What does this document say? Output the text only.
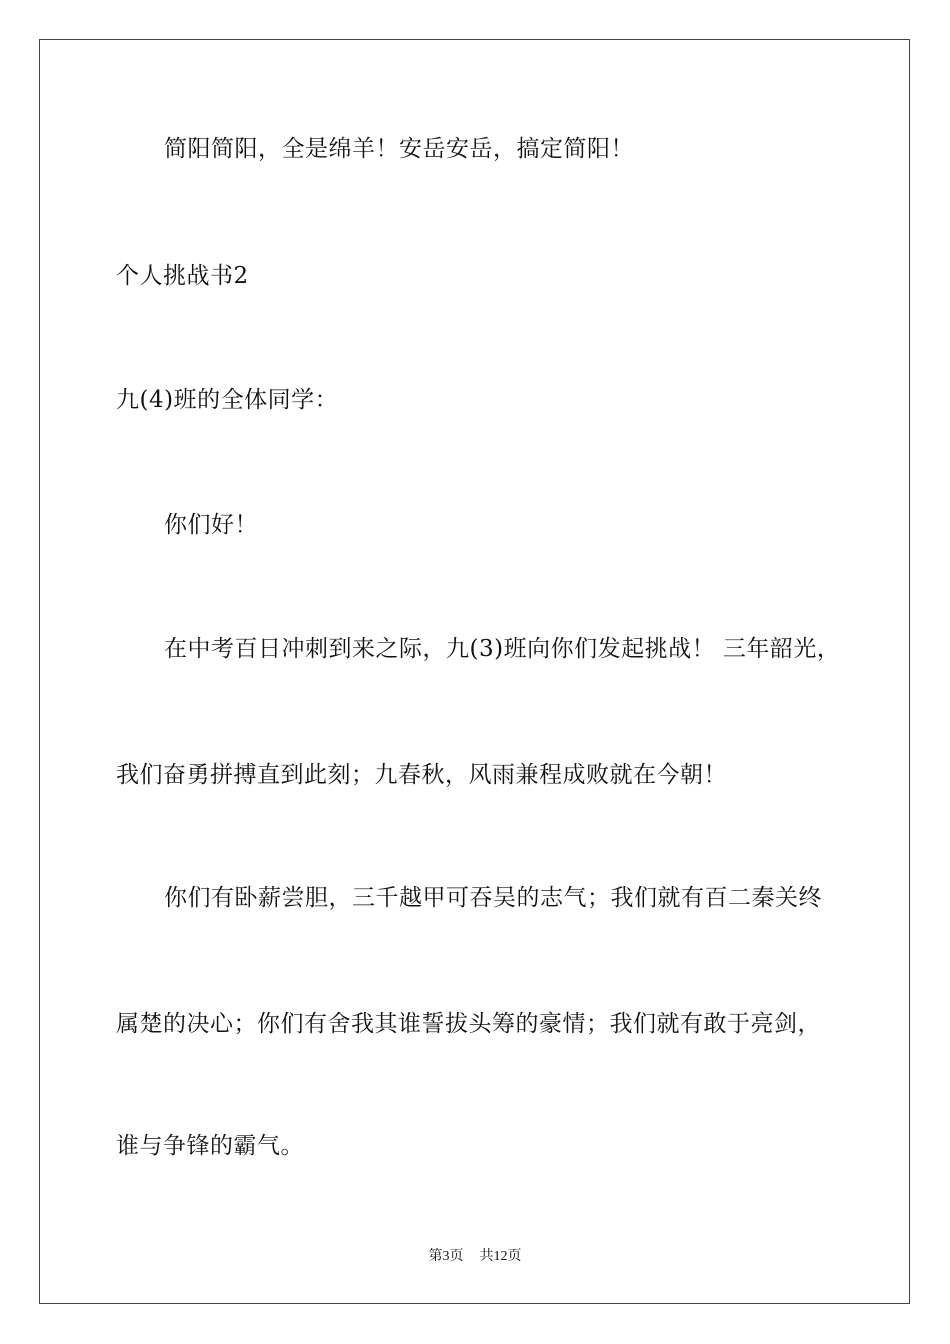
简阳简阳，全是绵羊！安岳安岳，搞定简阳！
个人挑战书2
九(4)班的全体同学：
你们好！
在中考百日冲刺到来之际，九(3)班向你们发起挑战！ 三年韶光，
我们奋勇拼搏直到此刻；九春秋，风雨兼程成败就在今朝！
你们有卧薪尝胆，三千越甲可吞吴的志气；我们就有百二秦关终
属楚的决心；你们有舍我其谁誓拔头筹的豪情；我们就有敢于亮剑，
谁与争锋的霸气。
第3页 共12页
